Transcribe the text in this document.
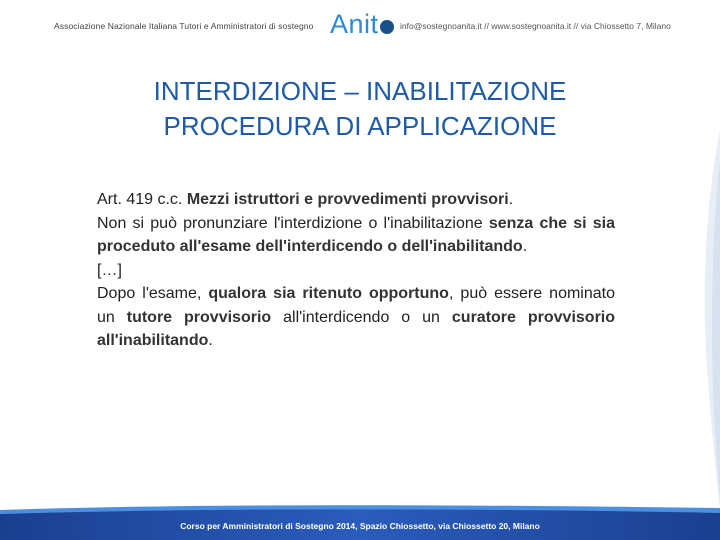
Associazione Nazionale Italiana Tutori e Amministratori di sostegno Anit	info@sostegnoanita.it // www.sostegnoanita.it // via Chiossetto 7, Milano
INTERDIZIONE – INABILITAZIONE
PROCEDURA DI APPLICAZIONE

Art. 419 c.c. Mezzi istruttori e provvedimenti provvisori.

Non si può pronunziare l'interdizione o l'inabilitazione senza che si sia proceduto all'esame dell'interdicendo o dell'inabilitando.

[…]

Dopo l'esame, qualora sia ritenuto opportuno, può essere nominato un tutore provvisorio all'interdicendo o un curatore provvisorio all'inabilitando.

Corso per Amministratori di Sostegno 2014, Spazio Chiossetto, via Chiossetto 20, Milano
